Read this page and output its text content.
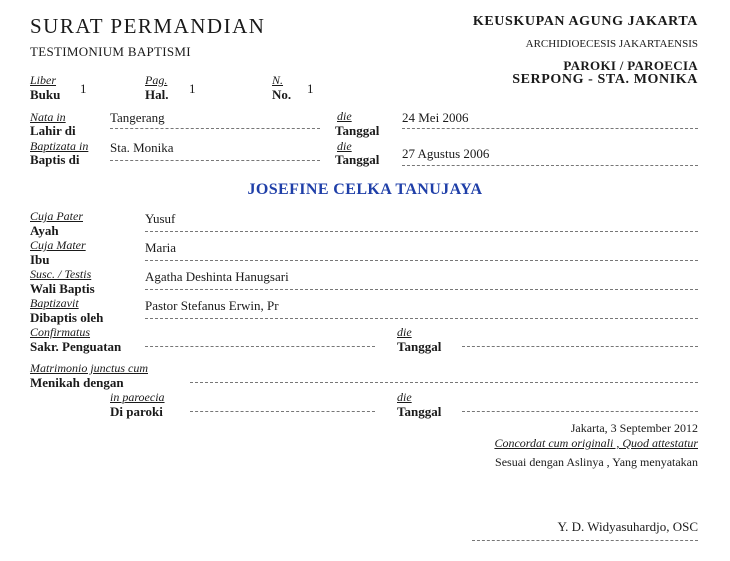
SURAT PERMANDIAN
TESTIMONIUM BAPTISMI
KEUSKUPAN AGUNG JAKARTA
ARCHIDIOECESIS JAKARTAENSIS
PAROKI / PAROECIA
SERPONG - STA. MONIKA
Liber
Buku 1
Pag.
Hal. 1
N.
No. 1
Nata in
Lahir di
Tangerang	die
Tanggal
24 Mei 2006
Baptizata in
Baptis di
Sta. Monika	die
Tanggal 27 Agustus 2006
JOSEFINE CELKA TANUJAYA
Cuja Pater
Ayah
Yusuf
Cuja Mater
Ibu
Maria
Susc. / Testis
Wali Baptis
Agatha Deshinta Hanugsari
Baptizavit
Dibaptis oleh
Pastor Stefanus Erwin, Pr
Confirmatus
Sakr. Penguatan
die
Tanggal
Matrimonio junctus cum
Menikah dengan
in paroecia
Di paroki
die
Tanggal
Jakarta, 3 September 2012
Concordat cum originali , Quod attestatur
Sesuai dengan Aslinya , Yang menyatakan
Y. D. Widyasuhardjo, OSC
